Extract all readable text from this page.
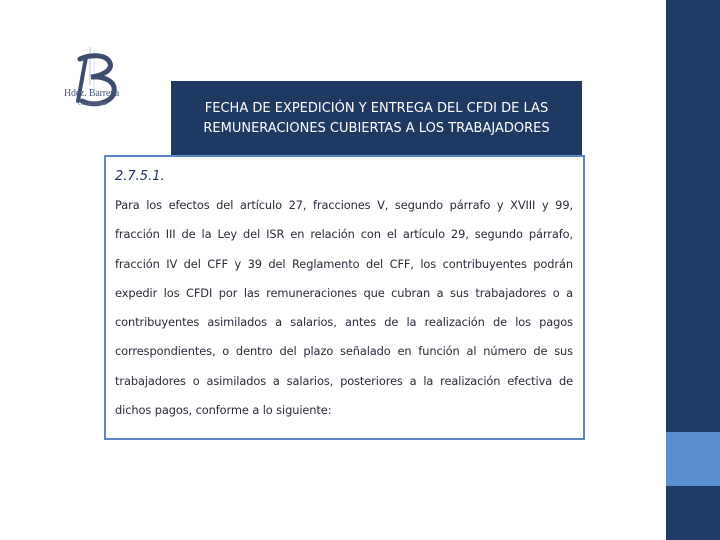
B
Hdez. Barrena
Contadores	FECHA DE EXPEDICIÓN Y ENTREGA DEL CFDI DE LAS REMUNERACIONES CUBIERTAS A LOS TRABAJADORES

2.7.5.1.

Para los efectos del artículo 27, fracciones V, segundo párrafo y XVIII y 99, fracción III de la Ley del ISR en relación con el artículo 29, segundo párrafo, fracción IV del CFF y 39 del Reglamento del CFF, los contribuyentes podrán expedir los CFDI por las remuneraciones que cubran a sus trabajadores o a contribuyentes asimilados a salarios, antes de la realización de los pagos correspondientes, o dentro del plazo señalado en función al número de sus trabajadores o asimilados a salarios, posteriores a la realización efectiva de dichos pagos, conforme a lo siguiente:
